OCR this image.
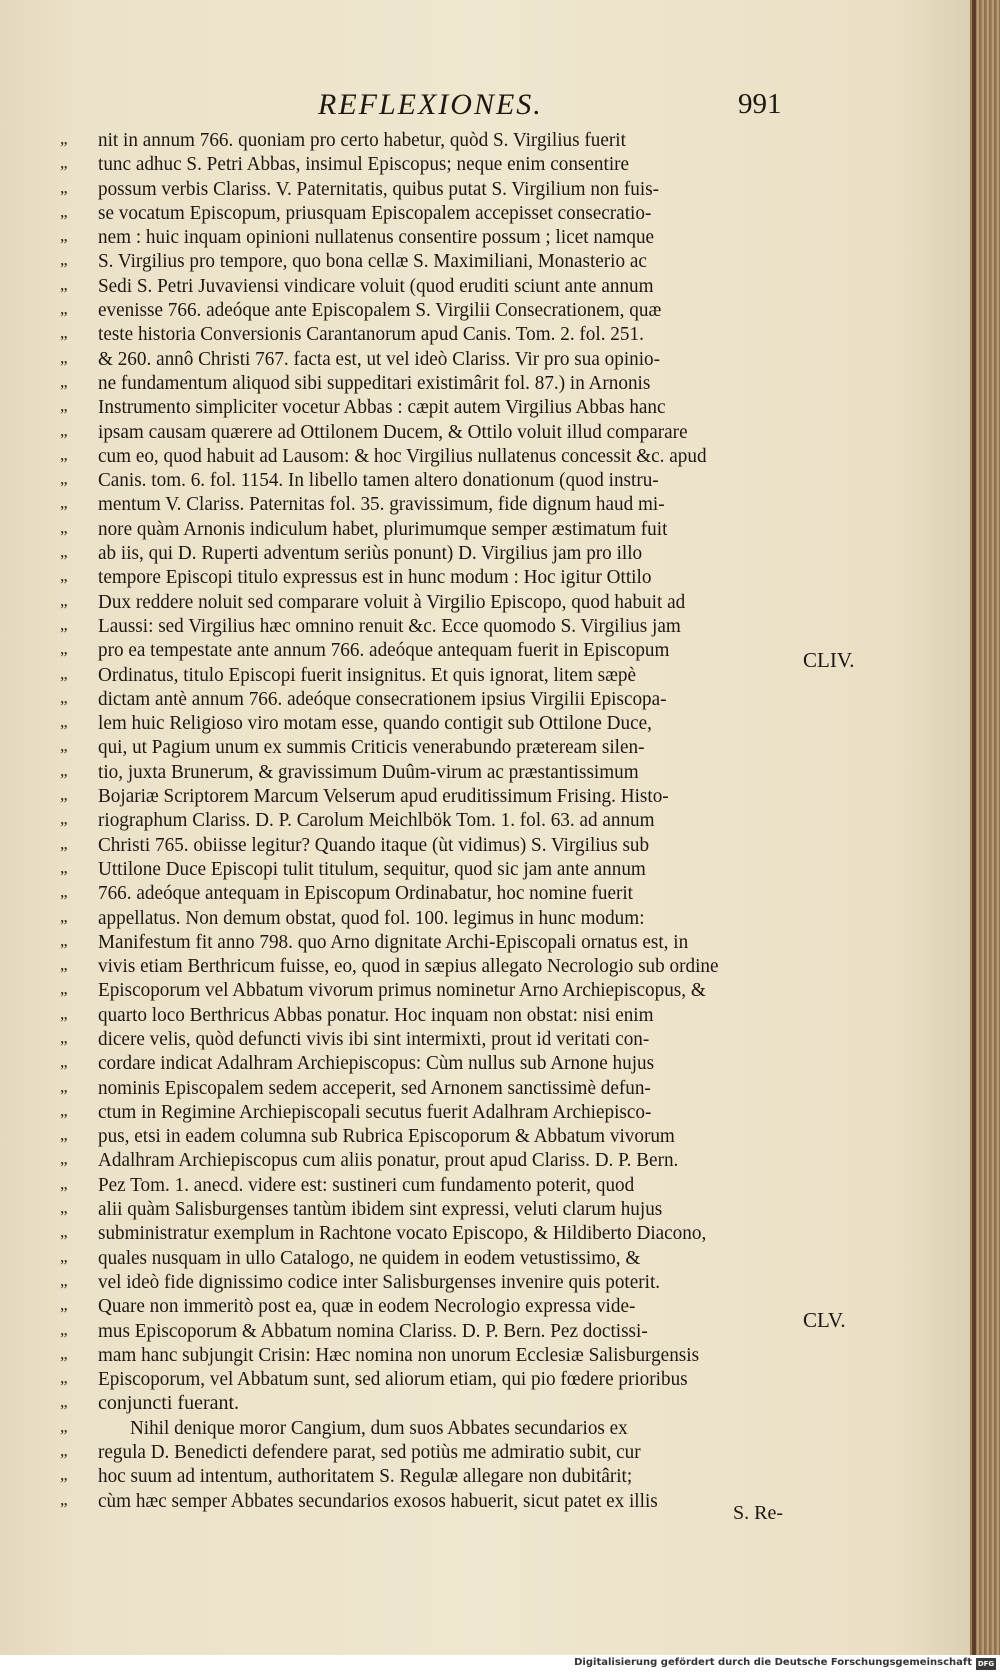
REFLEXIONES.	991
„	nit in annum 766. quoniam pro certo habetur, quòd S. Virgilius fuerit
„	tunc adhuc S. Petri Abbas, insimul Episcopus; neque enim consentire
„	possum verbis Clariss. V. Paternitatis, quibus putat S. Virgilium non fuis-
„	se vocatum Episcopum, priusquam Episcopalem accepisset consecratio-
„	nem : huic inquam opinioni nullatenus consentire possum ; licet namque
„	S. Virgilius pro tempore, quo bona cellæ S. Maximiliani, Monasterio ac
„	Sedi S. Petri Juvaviensi vindicare voluit (quod eruditi sciunt ante annum
„	evenisse 766. adeóque ante Episcopalem S. Virgilii Consecrationem, quæ
„	teste historia Conversionis Carantanorum apud Canis. Tom. 2. fol. 251.
„	& 260. annô Christi 767. facta est, ut vel ideò Clariss. Vir pro sua opinio-
„	ne fundamentum aliquod sibi suppeditari existimârit fol. 87.) in Arnonis
„	Instrumento simpliciter vocetur Abbas : cæpit autem Virgilius Abbas hanc
„	ipsam causam quærere ad Ottilonem Ducem, & Ottilo voluit illud comparare
„	cum eo, quod habuit ad Lausom: & hoc Virgilius nullatenus concessit &c. apud
„	Canis. tom. 6. fol. 1154. In libello tamen altero donationum (quod instru-
„	mentum V. Clariss. Paternitas fol. 35. gravissimum, fide dignum haud mi-
„	nore quàm Arnonis indiculum habet, plurimumque semper æstimatum fuit
„	ab iis, qui D. Ruperti adventum seriùs ponunt) D. Virgilius jam pro illo
„	tempore Episcopi titulo expressus est in hunc modum : Hoc igitur Ottilo
„	Dux reddere noluit sed comparare voluit à Virgilio Episcopo, quod habuit ad
„	Laussi: sed Virgilius hæc omnino renuit &c. Ecce quomodo S. Virgilius jam
„	pro ea tempestate ante annum 766. adeóque antequam fuerit in Episcopum
„	Ordinatus, titulo Episcopi fuerit insignitus. Et quis ignorat, litem sæpè
„	dictam antè annum 766. adeóque consecrationem ipsius Virgilii Episcopa-
„	lem huic Religioso viro motam esse, quando contigit sub Ottilone Duce,
„	qui, ut Pagium unum ex summis Criticis venerabundo præteream silen-
„	tio, juxta Brunerum, & gravissimum Duûm-virum ac præstantissimum
„	Bojariæ Scriptorem Marcum Velserum apud eruditissimum Frising. Histo-
„	riographum Clariss. D. P. Carolum Meichlbök Tom. 1. fol. 63. ad annum
„	Christi 765. obiisse legitur? Quando itaque (ùt vidimus) S. Virgilius sub
„	Uttilone Duce Episcopi tulit titulum, sequitur, quod sic jam ante annum
„	766. adeóque antequam in Episcopum Ordinabatur, hoc nomine fuerit
„	appellatus. Non demum obstat, quod fol. 100. legimus in hunc modum:
„	Manifestum fit anno 798. quo Arno dignitate Archi-Episcopali ornatus est, in
„	vivis etiam Berthricum fuisse, eo, quod in sæpius allegato Necrologio sub ordine
„	Episcoporum vel Abbatum vivorum primus nominetur Arno Archiepiscopus, &
„	quarto loco Berthricus Abbas ponatur. Hoc inquam non obstat: nisi enim
„	dicere velis, quòd defuncti vivis ibi sint intermixti, prout id veritati con-
„	cordare indicat Adalhram Archiepiscopus: Cùm nullus sub Arnone hujus
„	nominis Episcopalem sedem acceperit, sed Arnonem sanctissimè defun-
„	ctum in Regimine Archiepiscopali secutus fuerit Adalhram Archiepisco-
„	pus, etsi in eadem columna sub Rubrica Episcoporum & Abbatum vivorum
„	Adalhram Archiepiscopus cum aliis ponatur, prout apud Clariss. D. P. Bern.
„	Pez Tom. 1. anecd. videre est: sustineri cum fundamento poterit, quod
„	alii quàm Salisburgenses tantùm ibidem sint expressi, veluti clarum hujus
„	subministratur exemplum in Rachtone vocato Episcopo, & Hildiberto Diacono,
„	quales nusquam in ullo Catalogo, ne quidem in eodem vetustissimo, &
„	vel ideò fide dignissimo codice inter Salisburgenses invenire quis poterit.
„	Quare non immeritò post ea, quæ in eodem Necrologio expressa vide-
„	mus Episcoporum & Abbatum nomina Clariss. D. P. Bern. Pez doctissi-
„	mam hanc subjungit Crisin: Hæc nomina non unorum Ecclesiæ Salisburgensis
„	Episcoporum, vel Abbatum sunt, sed aliorum etiam, qui pio fœdere prioribus
„	conjuncti fuerant.
„	Nihil denique moror Cangium, dum suos Abbates secundarios ex
„	regula D. Benedicti defendere parat, sed potiùs me admiratio subit, cur
„	hoc suum ad intentum, authoritatem S. Regulæ allegare non dubitârit;
„	cùm hæc semper Abbates secundarios exosos habuerit, sicut patet ex illis
CLIV.
CLV.
S. Re-
Digitalisierung gefördert durch die Deutsche Forschungsgemeinschaft DFG
